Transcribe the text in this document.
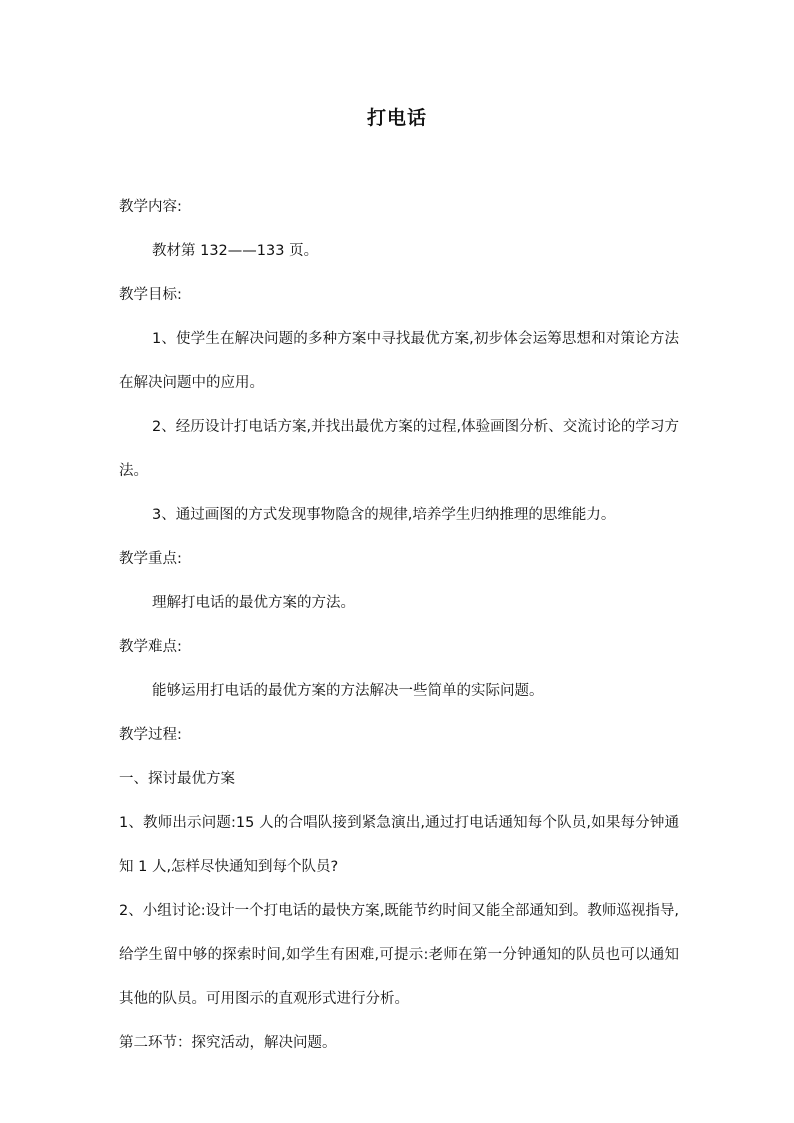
打电话

教学内容:

教材第 132——133 页。

教学目标:

1、使学生在解决问题的多种方案中寻找最优方案,初步体会运筹思想和对策论方法在解决问题中的应用。

2、经历设计打电话方案,并找出最优方案的过程,体验画图分析、交流讨论的学习方法。

3、通过画图的方式发现事物隐含的规律,培养学生归纳推理的思维能力。

教学重点:

理解打电话的最优方案的方法。

教学难点:

能够运用打电话的最优方案的方法解决一些简单的实际问题。

教学过程:

一、探讨最优方案

1、教师出示问题:15 人的合唱队接到紧急演出,通过打电话通知每个队员,如果每分钟通知 1 人,怎样尽快通知到每个队员?

2、小组讨论:设计一个打电话的最快方案,既能节约时间又能全部通知到。教师巡视指导,给学生留中够的探索时间,如学生有困难,可提示:老师在第一分钟通知的队员也可以通知其他的队员。可用图示的直观形式进行分析。

第二环节：探究活动，解决问题。
